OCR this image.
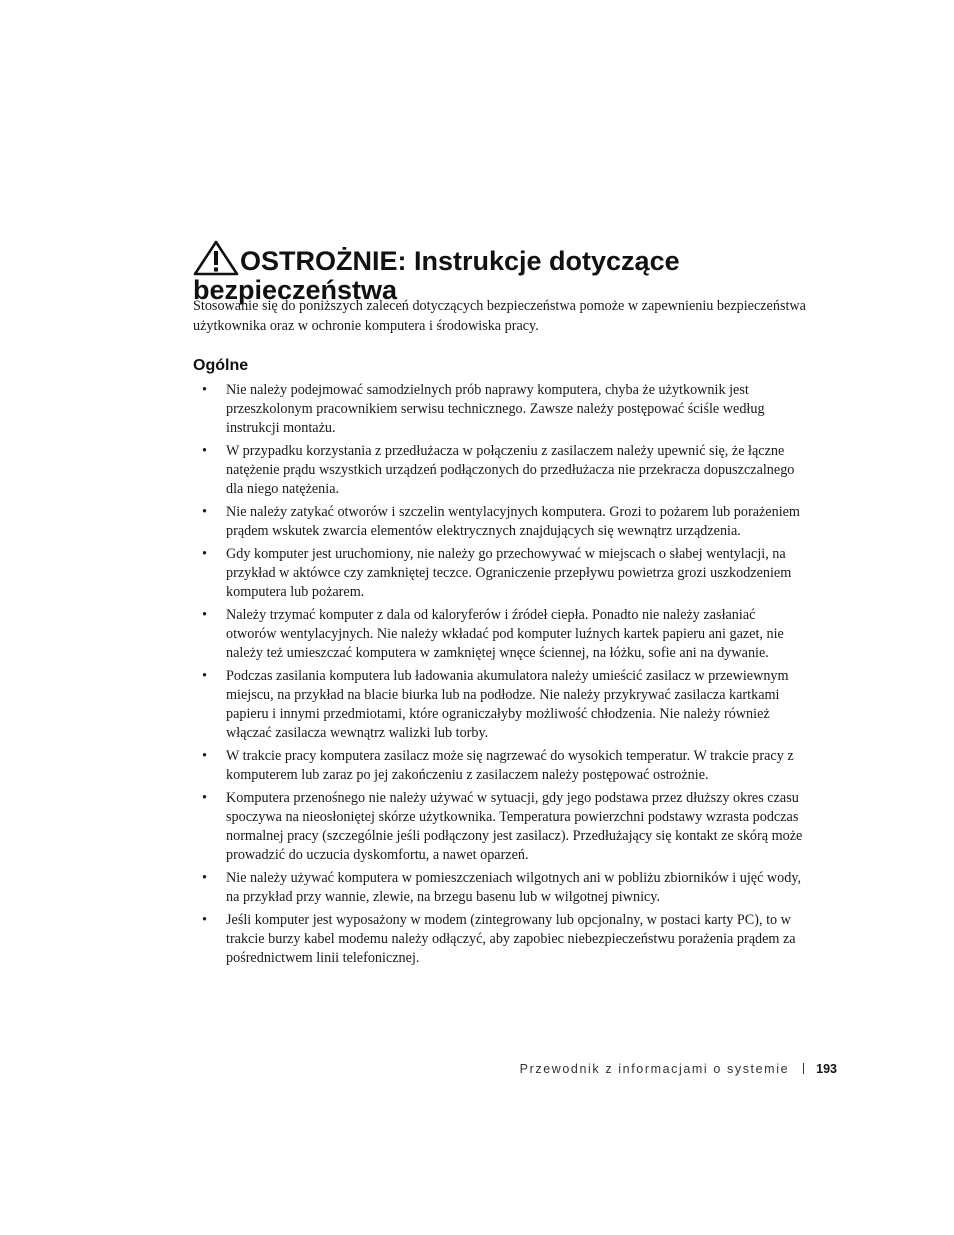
OSTROŻNIE: Instrukcje dotyczące
bezpieczeństwa

Stosowanie się do poniższych zaleceń dotyczących bezpieczeństwa pomoże w zapewnieniu bezpieczeństwa użytkownika oraz w ochronie komputera i środowiska pracy.

Ogólne
• Nie należy podejmować samodzielnych prób naprawy komputera, chyba że użytkownik jest przeszkolonym pracownikiem serwisu technicznego. Zawsze należy postępować ściśle według instrukcji montażu.
• W przypadku korzystania z przedłużacza w połączeniu z zasilaczem należy upewnić się, że łączne natężenie prądu wszystkich urządzeń podłączonych do przedłużacza nie przekracza dopuszczalnego dla niego natężenia.
• Nie należy zatykać otworów i szczelin wentylacyjnych komputera. Grozi to pożarem lub porażeniem prądem wskutek zwarcia elementów elektrycznych znajdujących się wewnątrz urządzenia.
• Gdy komputer jest uruchomiony, nie należy go przechowywać w miejscach o słabej wentylacji, na przykład w aktówce czy zamkniętej teczce. Ograniczenie przepływu powietrza grozi uszkodzeniem komputera lub pożarem.
• Należy trzymać komputer z dala od kaloryferów i źródeł ciepła. Ponadto nie należy zasłaniać otworów wentylacyjnych. Nie należy wkładać pod komputer luźnych kartek papieru ani gazet, nie należy też umieszczać komputera w zamkniętej wnęce ściennej, na łóżku, sofie ani na dywanie.
• Podczas zasilania komputera lub ładowania akumulatora należy umieścić zasilacz w przewiewnym miejscu, na przykład na blacie biurka lub na podłodze. Nie należy przykrywać zasilacza kartkami papieru i innymi przedmiotami, które ograniczałyby możliwość chłodzenia. Nie należy również włączać zasilacza wewnątrz walizki lub torby.
• W trakcie pracy komputera zasilacz może się nagrzewać do wysokich temperatur. W trakcie pracy z komputerem lub zaraz po jej zakończeniu z zasilaczem należy postępować ostrożnie.
• Komputera przenośnego nie należy używać w sytuacji, gdy jego podstawa przez dłuższy okres czasu spoczywa na nieosłoniętej skórze użytkownika. Temperatura powierzchni podstawy wzrasta podczas normalnej pracy (szczególnie jeśli podłączony jest zasilacz). Przedłużający się kontakt ze skórą może prowadzić do uczucia dyskomfortu, a nawet oparzeń.
• Nie należy używać komputera w pomieszczeniach wilgotnych ani w pobliżu zbiorników i ujęć wody, na przykład przy wannie, zlewie, na brzegu basenu lub w wilgotnej piwnicy.
• Jeśli komputer jest wyposażony w modem (zintegrowany lub opcjonalny, w postaci karty PC), to w trakcie burzy kabel modemu należy odłączyć, aby zapobiec niebezpieczeństwu porażenia prądem za pośrednictwem linii telefonicznej.
Przewodnik z informacjami o systemie 193
